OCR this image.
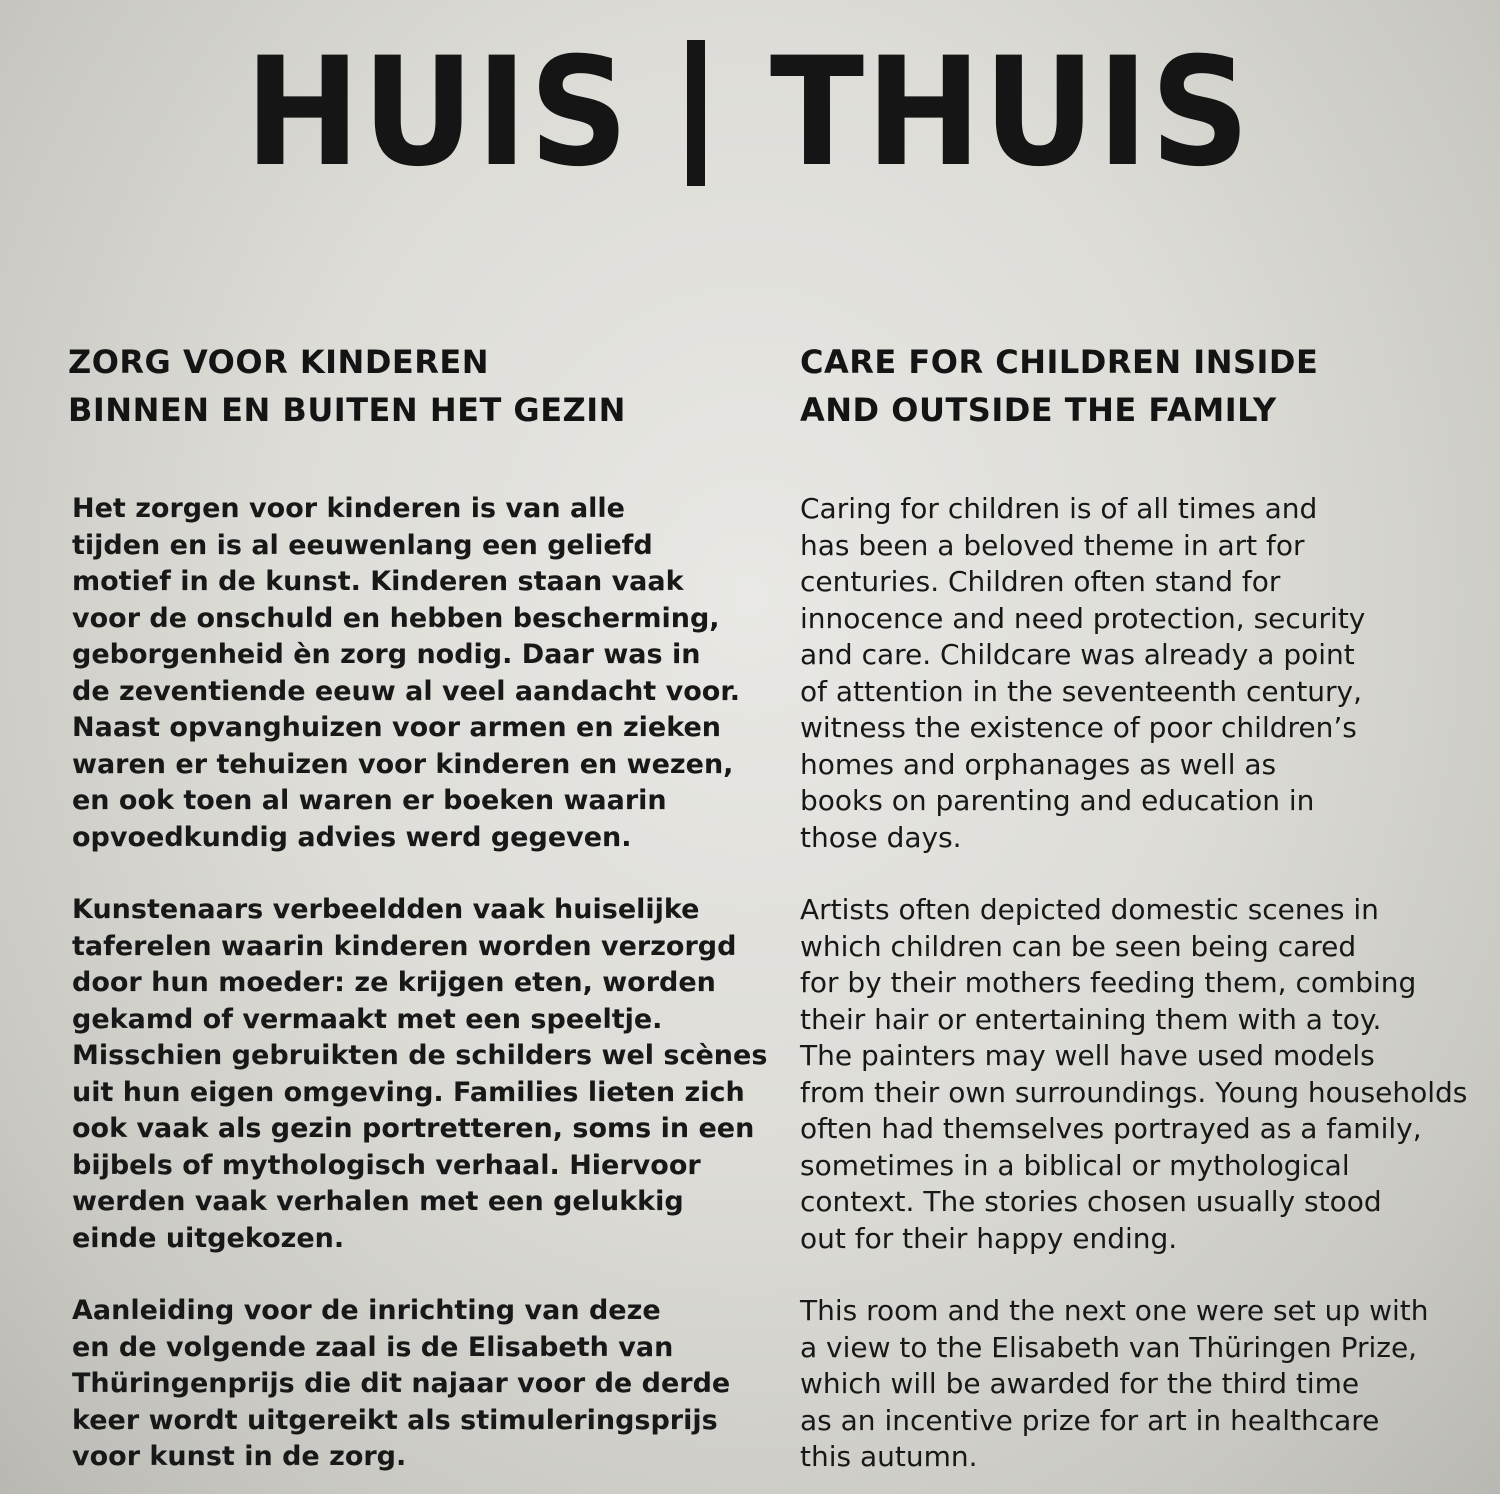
HUIS THUIS
ZORG VOOR KINDEREN
BINNEN EN BUITEN HET GEZIN

Het zorgen voor kinderen is van alle
tijden en is al eeuwenlang een geliefd
motief in de kunst. Kinderen staan vaak
voor de onschuld en hebben bescherming,
geborgenheid èn zorg nodig. Daar was in
de zeventiende eeuw al veel aandacht voor.
Naast opvanghuizen voor armen en zieken
waren er tehuizen voor kinderen en wezen,
en ook toen al waren er boeken waarin
opvoedkundig advies werd gegeven.

Kunstenaars verbeeldden vaak huiselijke
taferelen waarin kinderen worden verzorgd
door hun moeder: ze krijgen eten, worden
gekamd of vermaakt met een speeltje.
Misschien gebruikten de schilders wel scènes
uit hun eigen omgeving. Families lieten zich
ook vaak als gezin portretteren, soms in een
bijbels of mythologisch verhaal. Hiervoor
werden vaak verhalen met een gelukkig
einde uitgekozen.

Aanleiding voor de inrichting van deze
en de volgende zaal is de Elisabeth van
Thüringenprijs die dit najaar voor de derde
keer wordt uitgereikt als stimuleringsprijs
voor kunst in de zorg.

CARE FOR CHILDREN INSIDE
AND OUTSIDE THE FAMILY

Caring for children is of all times and
has been a beloved theme in art for
centuries. Children often stand for
innocence and need protection, security
and care. Childcare was already a point
of attention in the seventeenth century,
witness the existence of poor children’s
homes and orphanages as well as
books on parenting and education in
those days.

Artists often depicted domestic scenes in
which children can be seen being cared
for by their mothers feeding them, combing
their hair or entertaining them with a toy.
The painters may well have used models
from their own surroundings. Young households
often had themselves portrayed as a family,
sometimes in a biblical or mythological
context. The stories chosen usually stood
out for their happy ending.

This room and the next one were set up with
a view to the Elisabeth van Thüringen Prize,
which will be awarded for the third time
as an incentive prize for art in healthcare
this autumn.
